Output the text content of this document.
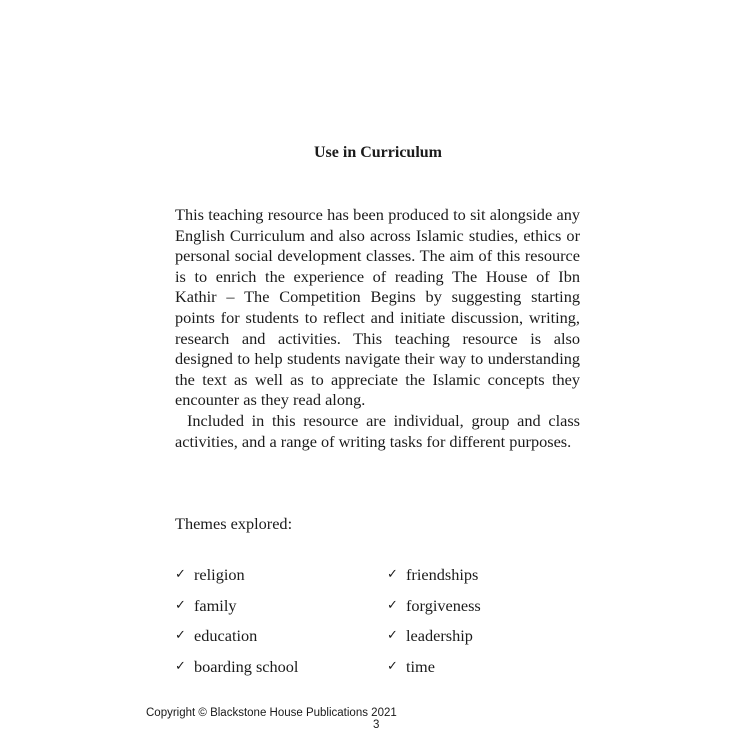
Use in Curriculum

This teaching resource has been produced to sit alongside any English Curriculum and also across Islamic studies, ethics or personal social development classes. The aim of this resource is to enrich the experience of reading The House of Ibn Kathir – The Competition Begins by suggesting starting points for students to reflect and initiate discussion, writing, research and activities. This teaching resource is also designed to help students navigate their way to understanding the text as well as to appreciate the Islamic concepts they encounter as they read along.

Included in this resource are individual, group and class activities, and a range of writing tasks for different purposes.

Themes explored:
✓ religion	✓ friendships
✓ family	✓ forgiveness
✓ education	✓ leadership
✓ boarding school	✓ time
Copyright © Blackstone House Publications 2021
3
